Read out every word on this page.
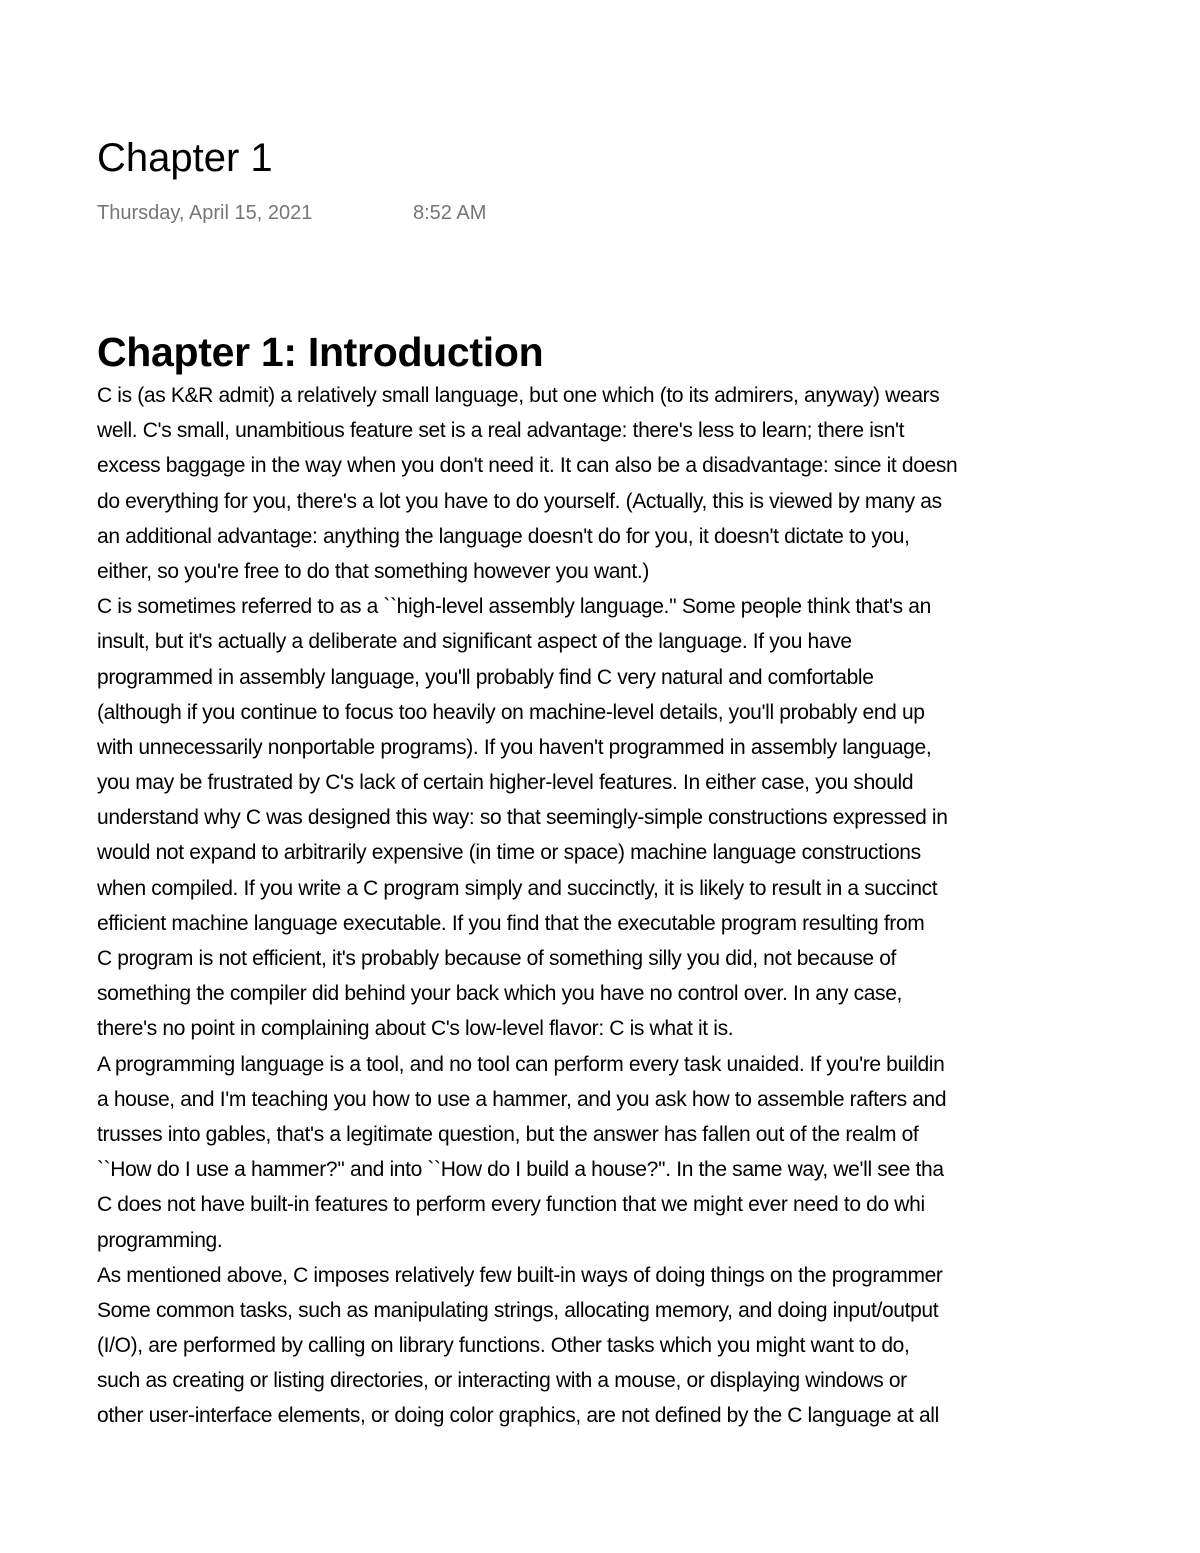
Chapter 1
Thursday, April 15, 2021	8:52 AM
Chapter 1: Introduction
C is (as K&R admit) a relatively small language, but one which (to its admirers, anyway) wears
well. C's small, unambitious feature set is a real advantage: there's less to learn; there isn't
excess baggage in the way when you don't need it. It can also be a disadvantage: since it doesn
do everything for you, there's a lot you have to do yourself. (Actually, this is viewed by many as
an additional advantage: anything the language doesn't do for you, it doesn't dictate to you,
either, so you're free to do that something however you want.)
C is sometimes referred to as a ``high-level assembly language.'' Some people think that's an
insult, but it's actually a deliberate and significant aspect of the language. If you have
programmed in assembly language, you'll probably find C very natural and comfortable
(although if you continue to focus too heavily on machine-level details, you'll probably end up
with unnecessarily nonportable programs). If you haven't programmed in assembly language,
you may be frustrated by C's lack of certain higher-level features. In either case, you should
understand why C was designed this way: so that seemingly-simple constructions expressed in
would not expand to arbitrarily expensive (in time or space) machine language constructions
when compiled. If you write a C program simply and succinctly, it is likely to result in a succinct
efficient machine language executable. If you find that the executable program resulting from
C program is not efficient, it's probably because of something silly you did, not because of
something the compiler did behind your back which you have no control over. In any case,
there's no point in complaining about C's low-level flavor: C is what it is.
A programming language is a tool, and no tool can perform every task unaided. If you're buildin
a house, and I'm teaching you how to use a hammer, and you ask how to assemble rafters and
trusses into gables, that's a legitimate question, but the answer has fallen out of the realm of
``How do I use a hammer?'' and into ``How do I build a house?''. In the same way, we'll see tha
C does not have built-in features to perform every function that we might ever need to do whi
programming.
As mentioned above, C imposes relatively few built-in ways of doing things on the programmer
Some common tasks, such as manipulating strings, allocating memory, and doing input/output
(I/O), are performed by calling on library functions. Other tasks which you might want to do,
such as creating or listing directories, or interacting with a mouse, or displaying windows or
other user-interface elements, or doing color graphics, are not defined by the C language at all
